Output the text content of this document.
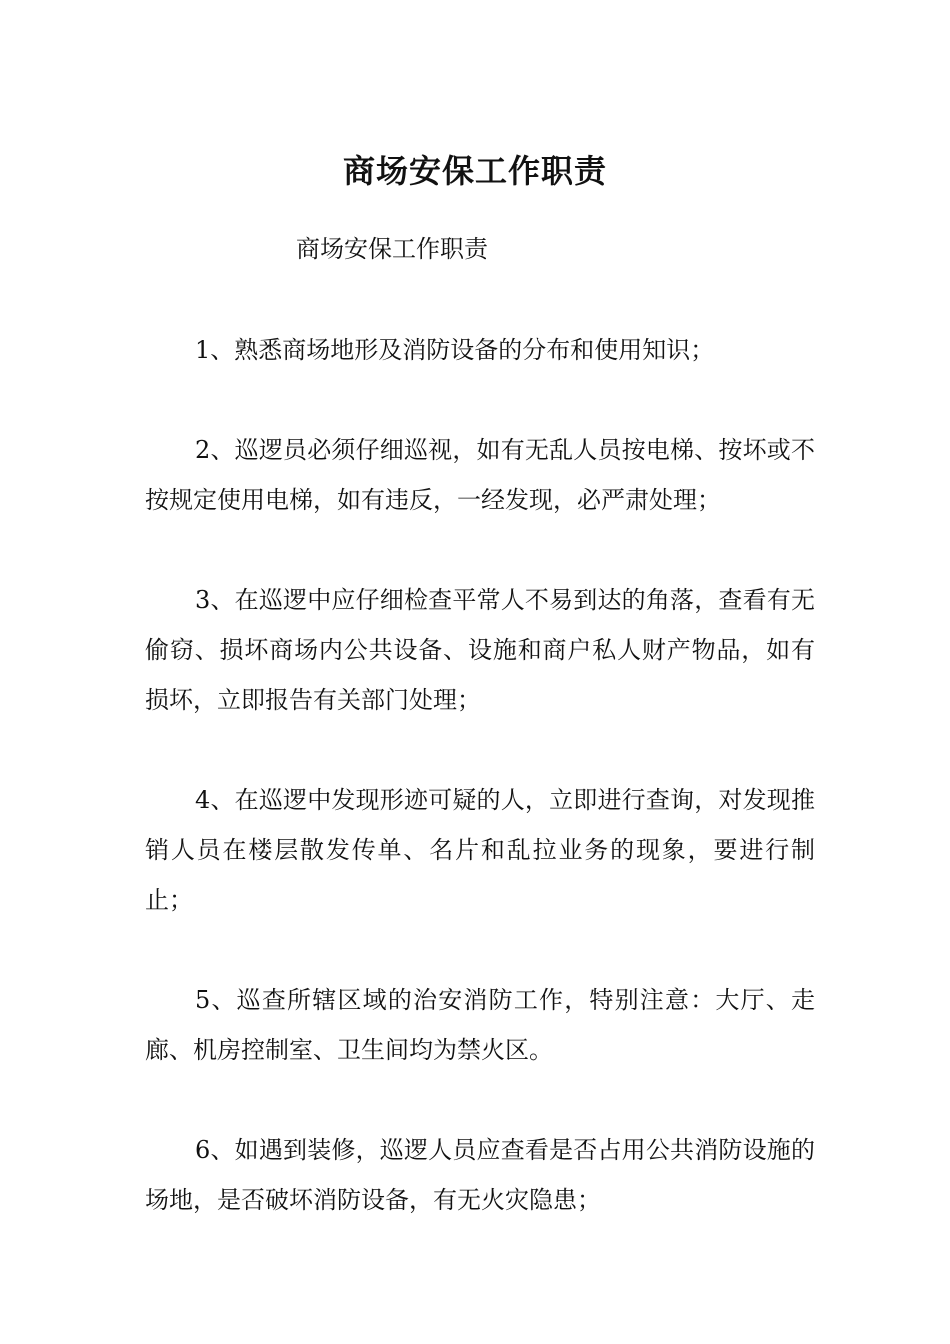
商场安保工作职责
商场安保工作职责

1、熟悉商场地形及消防设备的分布和使用知识；

2、巡逻员必须仔细巡视，如有无乱人员按电梯、按坏或不按规定使用电梯，如有违反，一经发现，必严肃处理；

3、在巡逻中应仔细检查平常人不易到达的角落，查看有无偷窃、损坏商场内公共设备、设施和商户私人财产物品，如有损坏，立即报告有关部门处理；

4、在巡逻中发现形迹可疑的人，立即进行查询，对发现推销人员在楼层散发传单、名片和乱拉业务的现象，要进行制止；

5、巡查所辖区域的治安消防工作，特别注意：大厅、走廊、机房控制室、卫生间均为禁火区。

6、如遇到装修，巡逻人员应查看是否占用公共消防设施的场地，是否破坏消防设备，有无火灾隐患；
